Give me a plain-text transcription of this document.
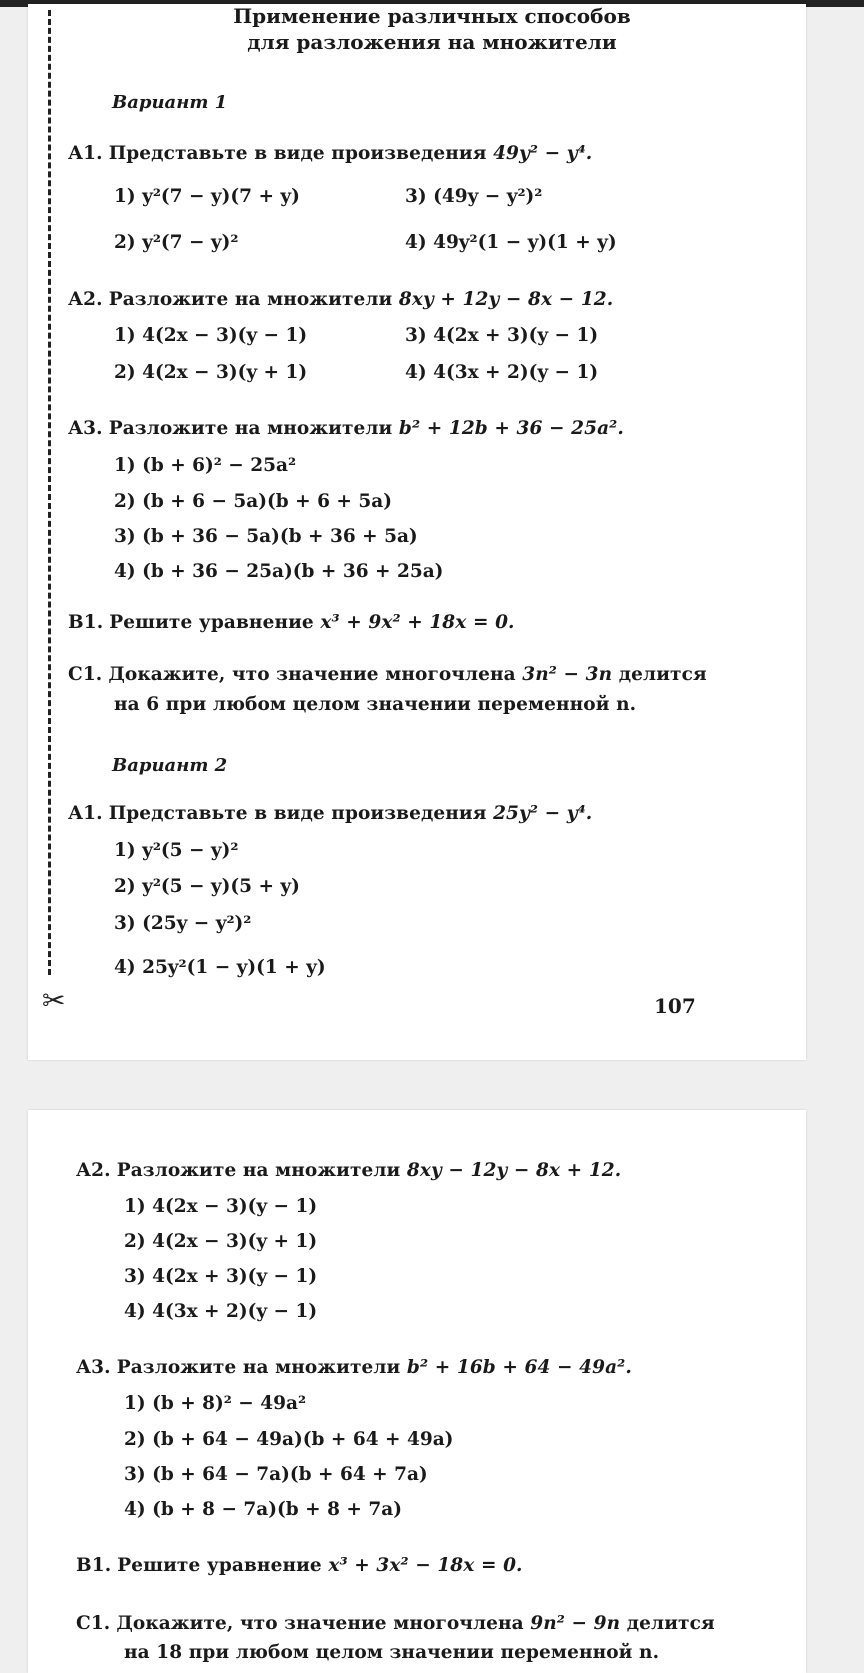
✂
Применение различных способов
для разложения на множители
Вариант 1
А1. Представьте в виде произведения 49y² − y⁴.
1) y²(7 − y)(7 + y)
2) y²(7 − y)²
3) (49y − y²)²
4) 49y²(1 − y)(1 + y)
А2. Разложите на множители 8xy + 12y − 8x − 12.
1) 4(2x − 3)(y − 1)
2) 4(2x − 3)(y + 1)
3) 4(2x + 3)(y − 1)
4) 4(3x + 2)(y − 1)
А3. Разложите на множители b² + 12b + 36 − 25a².
1) (b + 6)² − 25a²
2) (b + 6 − 5a)(b + 6 + 5a)
3) (b + 36 − 5a)(b + 36 + 5a)
4) (b + 36 − 25a)(b + 36 + 25a)
В1. Решите уравнение x³ + 9x² + 18x = 0.
С1. Докажите, что значение многочлена 3n² − 3n делится
на 6 при любом целом значении переменной n.
Вариант 2
А1. Представьте в виде произведения 25y² − y⁴.
1) y²(5 − y)²
2) y²(5 − y)(5 + y)
3) (25y − y²)²
4) 25y²(1 − y)(1 + y)
107
А2. Разложите на множители 8xy − 12y − 8x + 12.
1) 4(2x − 3)(y − 1)
2) 4(2x − 3)(y + 1)
3) 4(2x + 3)(y − 1)
4) 4(3x + 2)(y − 1)
А3. Разложите на множители b² + 16b + 64 − 49a².
1) (b + 8)² − 49a²
2) (b + 64 − 49a)(b + 64 + 49a)
3) (b + 64 − 7a)(b + 64 + 7a)
4) (b + 8 − 7a)(b + 8 + 7a)
В1. Решите уравнение x³ + 3x² − 18x = 0.
С1. Докажите, что значение многочлена 9n² − 9n делится
на 18 при любом целом значении переменной n.
